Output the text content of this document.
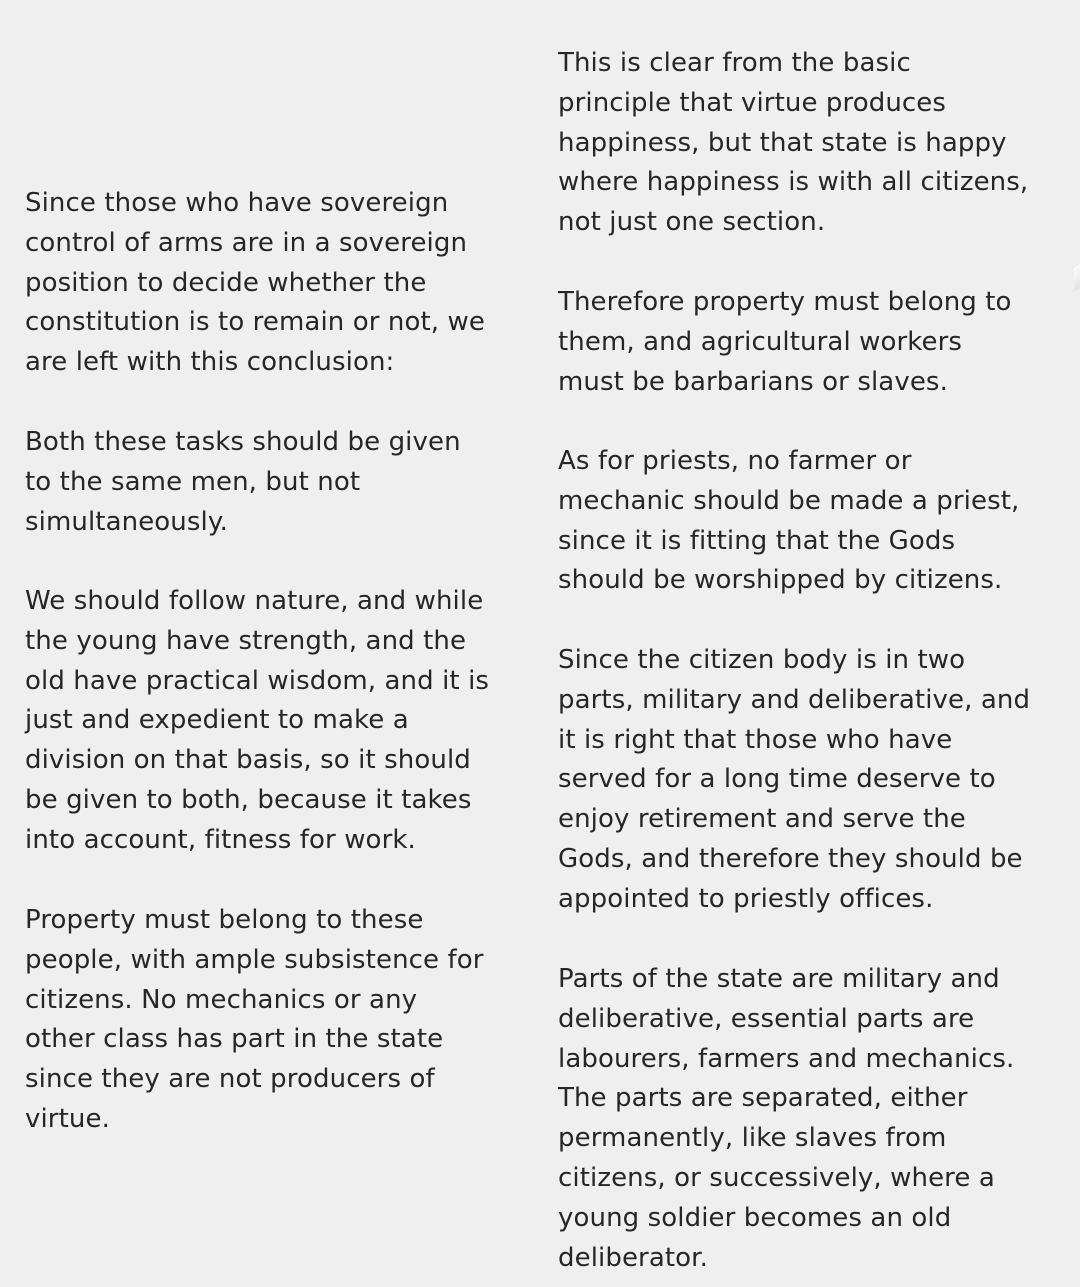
Since those who have sovereign
control of arms are in a sovereign
position to decide whether the
constitution is to remain or not, we
are left with this conclusion:

Both these tasks should be given
to the same men, but not
simultaneously.

We should follow nature, and while
the young have strength, and the
old have practical wisdom, and it is
just and expedient to make a
division on that basis, so it should
be given to both, because it takes
into account, fitness for work.

Property must belong to these
people, with ample subsistence for
citizens. No mechanics or any
other class has part in the state
since they are not producers of
virtue.

This is clear from the basic
principle that virtue produces
happiness, but that state is happy
where happiness is with all citizens,
not just one section.

Therefore property must belong to
them, and agricultural workers
must be barbarians or slaves.

As for priests, no farmer or
mechanic should be made a priest,
since it is fitting that the Gods
should be worshipped by citizens.

Since the citizen body is in two
parts, military and deliberative, and
it is right that those who have
served for a long time deserve to
enjoy retirement and serve the
Gods, and therefore they should be
appointed to priestly offices.

Parts of the state are military and
deliberative, essential parts are
labourers, farmers and mechanics.
The parts are separated, either
permanently, like slaves from
citizens, or successively, where a
young soldier becomes an old
deliberator.
